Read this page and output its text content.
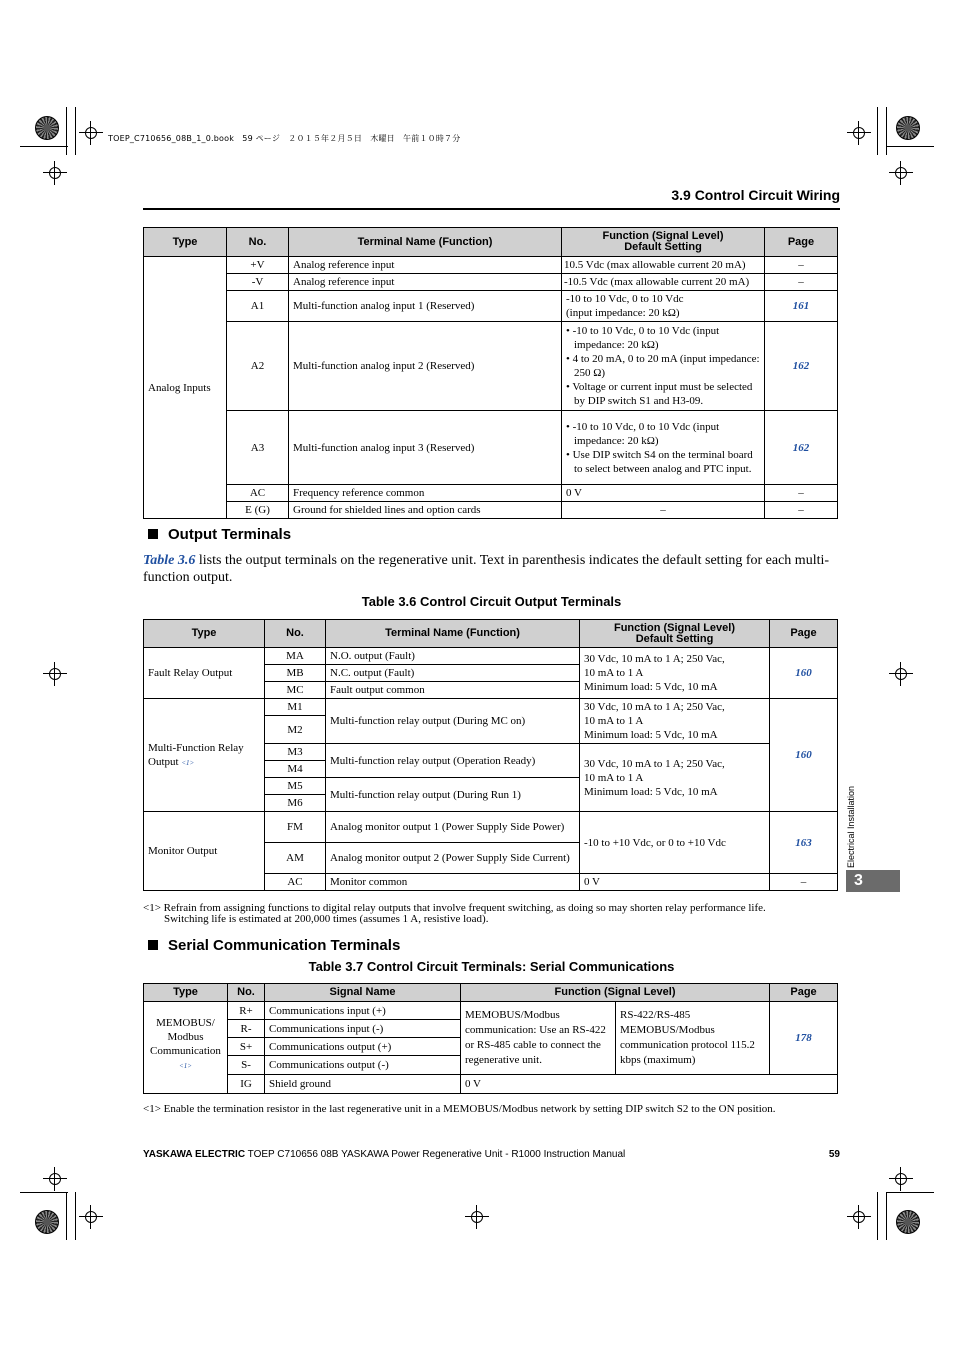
TOEP_C710656_08B_1_0.book　59 ページ　２０１５年２月５日　木曜日　午前１０時７分
3.9 Control Circuit Wiring
Type	No.	Terminal Name (Function)	Function (Signal Level)
Default Setting	Page
Analog Inputs	+V	Analog reference input	10.5 Vdc (max allowable current 20 mA)	–
	-V	Analog reference input	-10.5 Vdc (max allowable current 20 mA)	–
	A1	Multi-function analog input 1 (Reserved)	-10 to 10 Vdc, 0 to 10 Vdc
(input impedance: 20 kΩ)	161
	A2	Multi-function analog input 2 (Reserved)	• -10 to 10 Vdc, 0 to 10 Vdc (input impedance: 20 kΩ)
• 4 to 20 mA, 0 to 20 mA (input impedance: 250 Ω)
• Voltage or current input must be selected by DIP switch S1 and H3-09.	162
	A3	Multi-function analog input 3 (Reserved)	• -10 to 10 Vdc, 0 to 10 Vdc (input impedance: 20 kΩ)
• Use DIP switch S4 on the terminal board to select between analog and PTC input.	162
	AC	Frequency reference common	0 V	–
	E (G)	Ground for shielded lines and option cards	–	–
Output Terminals
Table 3.6 lists the output terminals on the regenerative unit. Text in parenthesis indicates the default setting for each multi-function output.
Table 3.6 Control Circuit Output Terminals
Type	No.	Terminal Name (Function)	Function (Signal Level)
Default Setting	Page
Fault Relay Output	MA	N.O. output (Fault)	30 Vdc, 10 mA to 1 A; 250 Vac,
10 mA to 1 A
Minimum load: 5 Vdc, 10 mA	160
	MB	N.C. output (Fault)		
	MC	Fault output common		
Multi-Function Relay
Output <1>	M1	Multi-function relay output (During MC on)	30 Vdc, 10 mA to 1 A; 250 Vac,
10 mA to 1 A
Minimum load: 5 Vdc, 10 mA	160
	M2			
	M3	Multi-function relay output (Operation Ready)	30 Vdc, 10 mA to 1 A; 250 Vac,
10 mA to 1 A
Minimum load: 5 Vdc, 10 mA	
	M4			
	M5	Multi-function relay output (During Run 1)		
	M6			
Monitor Output	FM	Analog monitor output 1 (Power Supply Side Power)	-10 to +10 Vdc, or 0 to +10 Vdc	163
	AM	Analog monitor output 2 (Power Supply Side Current)		
	AC	Monitor common	0 V	–
<1> Refrain from assigning functions to digital relay outputs that involve frequent switching, as doing so may shorten relay performance life.
Switching life is estimated at 200,000 times (assumes 1 A, resistive load).
Serial Communication Terminals
Table 3.7 Control Circuit Terminals: Serial Communications
Type	No.	Signal Name	Function (Signal Level)		Page
MEMOBUS/
Modbus
Communication
<1>	R+	Communications input (+)	MEMOBUS/Modbus communication: Use an RS-422 or RS-485 cable to connect the regenerative unit.	RS-422/RS-485 MEMOBUS/Modbus communication protocol 115.2 kbps (maximum)	178
	R-	Communications input (-)			
	S+	Communications output (+)			
	S-	Communications output (-)			
	IG	Shield ground	0 V		
<1> Enable the termination resistor in the last regenerative unit in a MEMOBUS/Modbus network by setting DIP switch S2 to the ON position.
Electrical Installation
3
YASKAWA ELECTRIC TOEP C710656 08B YASKAWA Power Regenerative Unit - R1000 Instruction Manual	59
